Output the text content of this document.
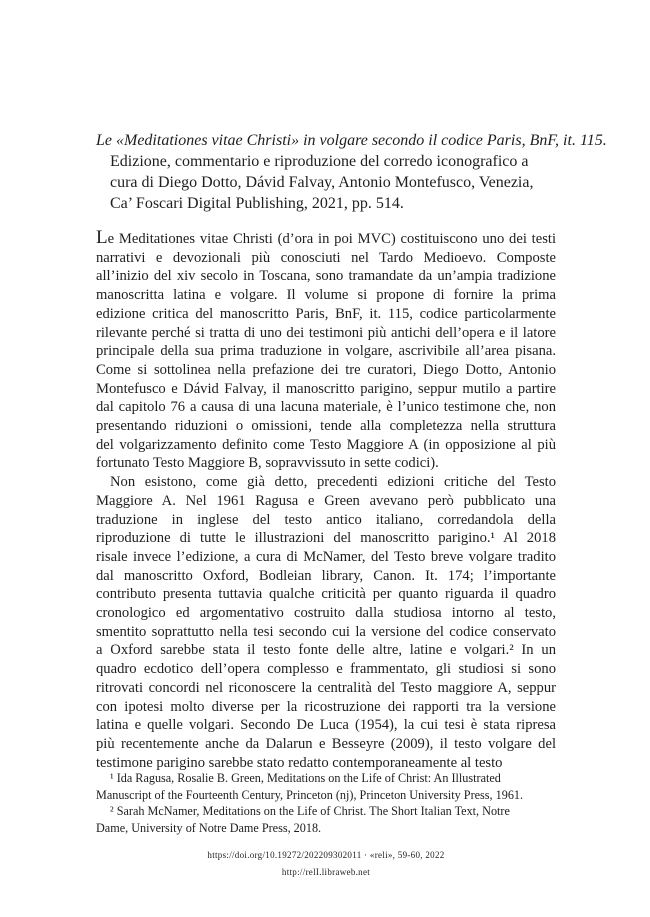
Le «Meditationes vitae Christi» in volgare secondo il codice Paris, BnF, it. 115.
Edizione, commentario e riproduzione del corredo iconografico a
cura di Diego Dotto, Dávid Falvay, Antonio Montefusco, Venezia,
Ca’ Foscari Digital Publishing, 2021, pp. 514.
Le Meditationes vitae Christi (d’ora in poi MVC) costituiscono uno dei testi
narrativi e devozionali più conosciuti nel Tardo Medioevo. Composte
all’inizio del xiv secolo in Toscana, sono tramandate da un’ampia tradizione
manoscritta latina e volgare. Il volume si propone di fornire la prima
edizione critica del manoscritto Paris, BnF, it. 115, codice particolarmente
rilevante perché si tratta di uno dei testimoni più antichi dell’opera e il latore
principale della sua prima traduzione in volgare, ascrivibile all’area pisana.
Come si sottolinea nella prefazione dei tre curatori, Diego Dotto, Antonio
Montefusco e Dávid Falvay, il manoscritto parigino, seppur mutilo a partire
dal capitolo 76 a causa di una lacuna materiale, è l’unico testimone che, non
presentando riduzioni o omissioni, tende alla completezza nella struttura
del volgarizzamento definito come Testo Maggiore A (in opposizione al più
fortunato Testo Maggiore B, sopravvissuto in sette codici).
Non esistono, come già detto, precedenti edizioni critiche del Testo
Maggiore A. Nel 1961 Ragusa e Green avevano però pubblicato una
traduzione in inglese del testo antico italiano, corredandola della
riproduzione di tutte le illustrazioni del manoscritto parigino.¹ Al 2018
risale invece l’edizione, a cura di McNamer, del Testo breve volgare tradito
dal manoscritto Oxford, Bodleian library, Canon. It. 174; l’importante
contributo presenta tuttavia qualche criticità per quanto riguarda il quadro
cronologico ed argomentativo costruito dalla studiosa intorno al testo,
smentito soprattutto nella tesi secondo cui la versione del codice conservato
a Oxford sarebbe stata il testo fonte delle altre, latine e volgari.² In un
quadro ecdotico dell’opera complesso e frammentato, gli studiosi si sono
ritrovati concordi nel riconoscere la centralità del Testo maggiore A, seppur
con ipotesi molto diverse per la ricostruzione dei rapporti tra la versione
latina e quelle volgari. Secondo De Luca (1954), la cui tesi è stata ripresa
più recentemente anche da Dalarun e Besseyre (2009), il testo volgare del
testimone parigino sarebbe stato redatto contemporaneamente al testo
¹ Ida Ragusa, Rosalie B. Green, Meditations on the Life of Christ: An Illustrated
Manuscript of the Fourteenth Century, Princeton (nj), Princeton University Press, 1961.
² Sarah McNamer, Meditations on the Life of Christ. The Short Italian Text, Notre
Dame, University of Notre Dame Press, 2018.
https://doi.org/10.19272/202209302011 · «reli», 59-60, 2022
http://relI.libraweb.net
